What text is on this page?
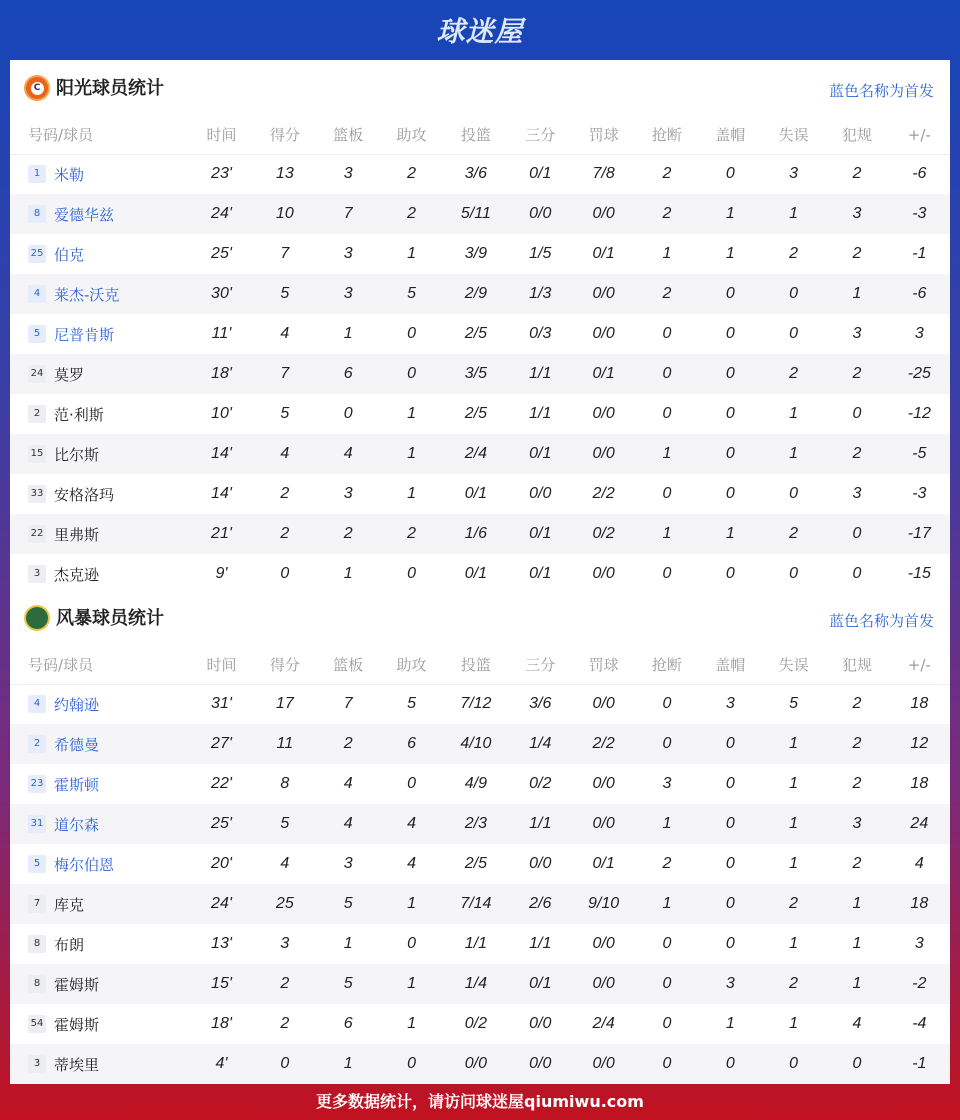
球迷屋
C 阳光球员统计	蓝色名称为首发
号码/球员	时间	得分	篮板	助攻	投篮	三分	罚球	抢断	盖帽	失误	犯规	+/-
1 米勒	23'	13	3	2	3/6	0/1	7/8	2	0	3	2	-6
8 爱德华兹	24'	10	7	2	5/11	0/0	0/0	2	1	1	3	-3
25 伯克	25'	7	3	1	3/9	1/5	0/1	1	1	2	2	-1
4 莱杰-沃克	30'	5	3	5	2/9	1/3	0/0	2	0	0	1	-6
5 尼普肯斯	11'	4	1	0	2/5	0/3	0/0	0	0	0	3	3
24 莫罗	18'	7	6	0	3/5	1/1	0/1	0	0	2	2	-25
2 范·利斯	10'	5	0	1	2/5	1/1	0/0	0	0	1	0	-12
15 比尔斯	14'	4	4	1	2/4	0/1	0/0	1	0	1	2	-5
33 安格洛玛	14'	2	3	1	0/1	0/0	2/2	0	0	0	3	-3
22 里弗斯	21'	2	2	2	1/6	0/1	0/2	1	1	2	0	-17
3 杰克逊	9'	0	1	0	0/1	0/1	0/0	0	0	0	0	-15
风暴球员统计	蓝色名称为首发
号码/球员	时间	得分	篮板	助攻	投篮	三分	罚球	抢断	盖帽	失误	犯规	+/-
4 约翰逊	31'	17	7	5	7/12	3/6	0/0	0	3	5	2	18
2 希德曼	27'	11	2	6	4/10	1/4	2/2	0	0	1	2	12
23 霍斯顿	22'	8	4	0	4/9	0/2	0/0	3	0	1	2	18
31 道尔森	25'	5	4	4	2/3	1/1	0/0	1	0	1	3	24
5 梅尔伯恩	20'	4	3	4	2/5	0/0	0/1	2	0	1	2	4
7 库克	24'	25	5	1	7/14	2/6	9/10	1	0	2	1	18
8 布朗	13'	3	1	0	1/1	1/1	0/0	0	0	1	1	3
8 霍姆斯	15'	2	5	1	1/4	0/1	0/0	0	3	2	1	-2
54 霍姆斯	18'	2	6	1	0/2	0/0	2/4	0	1	1	4	-4
3 蒂埃里	4'	0	1	0	0/0	0/0	0/0	0	0	0	0	-1
更多数据统计，请访问球迷屋qiumiwu.com
